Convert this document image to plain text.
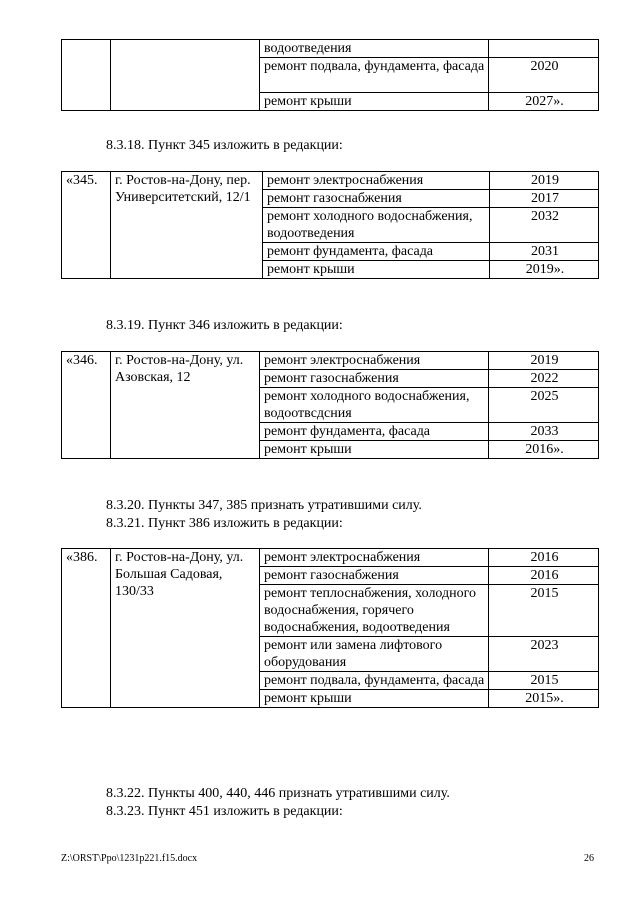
		водоотведения	
		ремонт подвала, фундамента, фасада	2020
		ремонт крыши	2027».

8.3.18. Пункт 345 изложить в редакции:

«345.	г. Ростов-на-Дону, пер. Университетский, 12/1	ремонт электроснабжения	2019
		ремонт газоснабжения	2017
		ремонт холодного водоснабжения, водоотведения	2032
		ремонт фундамента, фасада	2031
		ремонт крыши	2019».

8.3.19. Пункт 346 изложить в редакции:

«346.	г. Ростов-на-Дону, ул. Азовская, 12	ремонт электроснабжения	2019
		ремонт газоснабжения	2022
		ремонт холодного водоснабжения, водоотвсдсния	2025
		ремонт фундамента, фасада	2033
		ремонт крыши	2016».

8.3.20. Пункты 347, 385 признать утратившими силу.

8.3.21. Пункт 386 изложить в редакции:

«386.	г. Ростов-на-Дону, ул. Большая Садовая, 130/33	ремонт электроснабжения	2016
		ремонт газоснабжения	2016
		ремонт теплоснабжения, холодного водоснабжения, горячего водоснабжения, водоотведения	2015
		ремонт или замена лифтового оборудования	2023
		ремонт подвала, фундамента, фасада	2015
		ремонт крыши	2015».

8.3.22. Пункты 400, 440, 446 признать утратившими силу.

8.3.23. Пункт 451 изложить в редакции:

Z:\ORST\Ppo\1231p221.f15.docx	26
